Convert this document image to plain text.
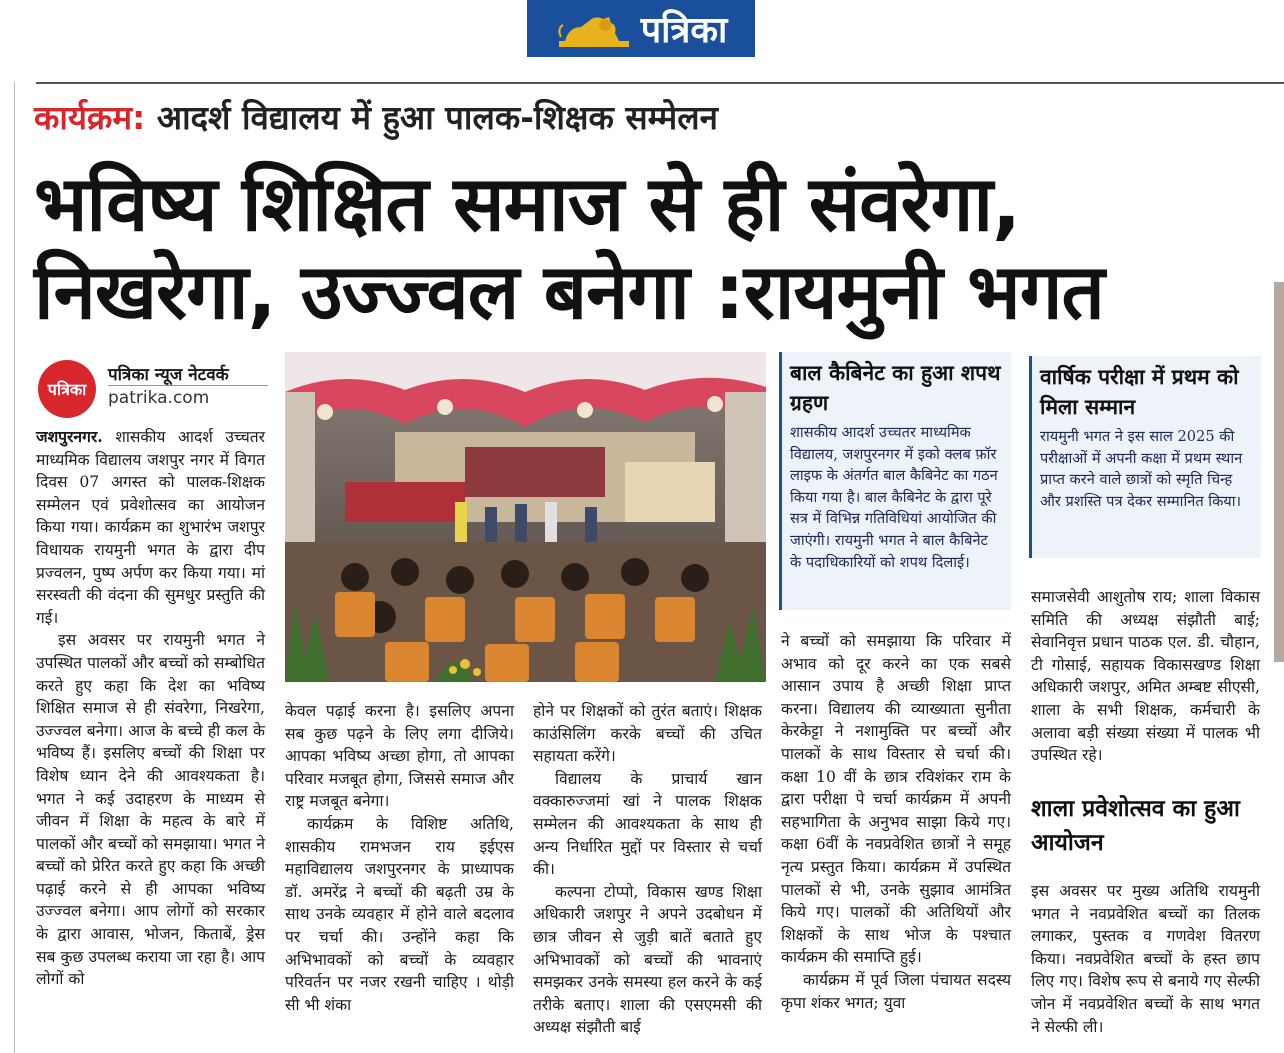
पत्रिका
कार्यक्रम: आदर्श विद्यालय में हुआ पालक-शिक्षक सम्मेलन
भविष्य शिक्षित समाज से ही संवरेगा,
निखरेगा, उज्ज्वल बनेगा :रायमुनी भगत
पत्रिका
पत्रिका न्यूज नेटवर्क
patrika.com

जशपुरनगर. शासकीय आदर्श उच्चतर माध्यमिक विद्यालय जशपुर नगर में विगत दिवस 07 अगस्त को पालक-शिक्षक सम्मेलन एवं प्रवेशोत्सव का आयोजन किया गया। कार्यक्रम का शुभारंभ जशपुर विधायक रायमुनी भगत के द्वारा दीप प्रज्वलन, पुष्प अर्पण कर किया गया। मां सरस्वती की वंदना की सुमधुर प्रस्तुति की गई।

इस अवसर पर रायमुनी भगत ने उपस्थित पालकों और बच्चों को सम्बोधित करते हुए कहा कि देश का भविष्य शिक्षित समाज से ही संवरेगा, निखरेगा, उज्ज्वल बनेगा। आज के बच्चे ही कल के भविष्य हैं। इसलिए बच्चों की शिक्षा पर विशेष ध्यान देने की आवश्यकता है। भगत ने कई उदाहरण के माध्यम से जीवन में शिक्षा के महत्व के बारे में पालकों और बच्चों को समझाया। भगत ने बच्चों को प्रेरित करते हुए कहा कि अच्छी पढ़ाई करने से ही आपका भविष्य उज्ज्वल बनेगा। आप लोगों को सरकार के द्वारा आवास, भोजन, किताबें, ड्रेस सब कुछ उपलब्ध कराया जा रहा है। आप लोगों को

केवल पढ़ाई करना है। इसलिए अपना सब कुछ पढ़ने के लिए लगा दीजिये। आपका भविष्य अच्छा होगा, तो आपका परिवार मजबूत होगा, जिससे समाज और राष्ट्र मजबूत बनेगा।

कार्यक्रम के विशिष्ट अतिथि, शासकीय रामभजन राय इईएस महाविद्यालय जशपुरनगर के प्राध्यापक डॉ. अमरेंद्र ने बच्चों की बढ़ती उम्र के साथ उनके व्यवहार में होने वाले बदलाव पर चर्चा की। उन्होंने कहा कि अभिभावकों को बच्चों के व्यवहार परिवर्तन पर नजर रखनी चाहिए । थोड़ी सी भी शंका

होने पर शिक्षकों को तुरंत बताएं। शिक्षक काउंसिलिंग करके बच्चों की उचित सहायता करेंगे।

विद्यालय के प्राचार्य खान वक्कारुज्जमां खां ने पालक शिक्षक सम्मेलन की आवश्यकता के साथ ही अन्य निर्धारित मुद्दों पर विस्तार से चर्चा की।

कल्पना टोप्पो, विकास खण्ड शिक्षा अधिकारी जशपुर ने अपने उदबोधन में छात्र जीवन से जुड़ी बातें बताते हुए अभिभावकों को बच्चों की भावनाएं समझकर उनके समस्या हल करने के कई तरीके बताए। शाला की एसएमसी की अध्यक्ष संझौती बाई

बाल कैबिनेट का हुआ शपथ ग्रहण
शासकीय आदर्श उच्चतर माध्यमिक विद्यालय, जशपुरनगर में इको क्लब फ़ॉर लाइफ के अंतर्गत बाल कैबिनेट का गठन किया गया है। बाल कैबिनेट के द्वारा पूरे सत्र में विभिन्न गतिविधियां आयोजित की जाएंगी। रायमुनी भगत ने बाल कैबिनेट के पदाधिकारियों को शपथ दिलाई।

ने बच्चों को समझाया कि परिवार में अभाव को दूर करने का एक सबसे आसान उपाय है अच्छी शिक्षा प्राप्त करना। विद्यालय की व्याख्याता सुनीता केरकेट्टा ने नशामुक्ति पर बच्चों और पालकों के साथ विस्तार से चर्चा की। कक्षा 10 वीं के छात्र रविशंकर राम के द्वारा परीक्षा पे चर्चा कार्यक्रम में अपनी सहभागिता के अनुभव साझा किये गए। कक्षा 6वीं के नवप्रवेशित छात्रों ने समूह नृत्य प्रस्तुत किया। कार्यक्रम में उपस्थित पालकों से भी, उनके सुझाव आमंत्रित किये गए। पालकों की अतिथियों और शिक्षकों के साथ भोज के पश्चात कार्यक्रम की समाप्ति हुई।

कार्यक्रम में पूर्व जिला पंचायत सदस्य कृपा शंकर भगत; युवा

वार्षिक परीक्षा में प्रथम को मिला सम्मान
रायमुनी भगत ने इस साल 2025 की परीक्षाओं में अपनी कक्षा में प्रथम स्थान प्राप्त करने वाले छात्रों को स्मृति चिन्ह और प्रशस्ति पत्र देकर सम्मानित किया।

समाजसेवी आशुतोष राय; शाला विकास समिति की अध्यक्ष संझौती बाई; सेवानिवृत्त प्रधान पाठक एल. डी. चौहान, टी गोसाई, सहायक विकासखण्ड शिक्षा अधिकारी जशपुर, अमित अम्बष्ट सीएसी, शाला के सभी शिक्षक, कर्मचारी के अलावा बड़ी संख्या संख्या में पालक भी उपस्थित रहे।

शाला प्रवेशोत्सव का हुआ आयोजन

इस अवसर पर मुख्य अतिथि रायमुनी भगत ने नवप्रवेशित बच्चों का तिलक लगाकर, पुस्तक व गणवेश वितरण किया। नवप्रवेशित बच्चों के हस्त छाप लिए गए। विशेष रूप से बनाये गए सेल्फी जोन में नवप्रवेशित बच्चों के साथ भगत ने सेल्फी ली।
